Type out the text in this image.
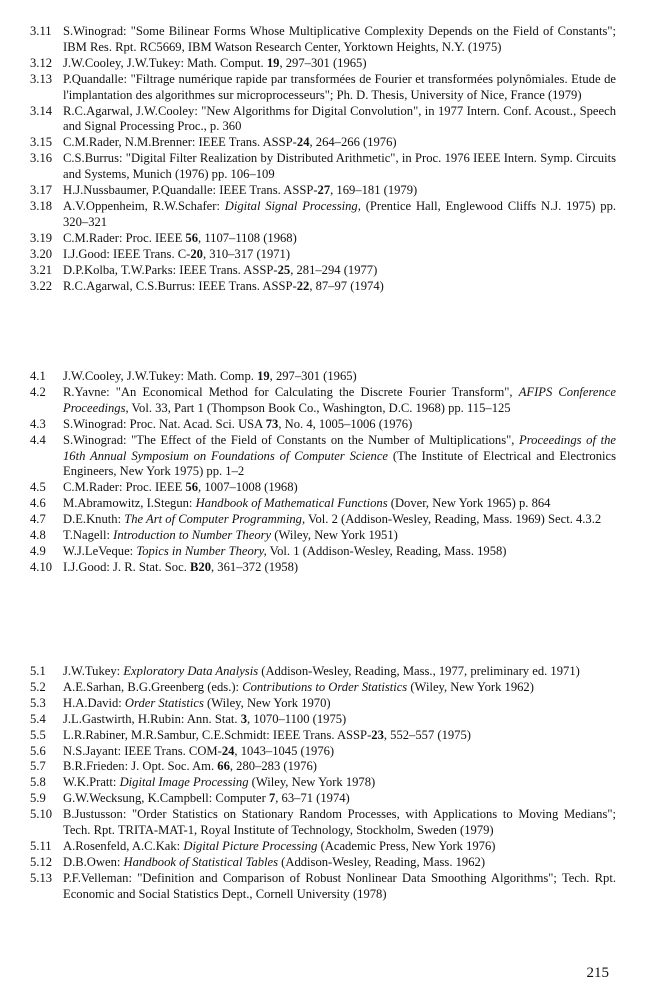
3.11 S.Winograd: "Some Bilinear Forms Whose Multiplicative Complexity Depends on the Field of Constants"; IBM Res. Rpt. RC5669, IBM Watson Research Center, Yorktown Heights, N.Y. (1975)
3.12 J.W.Cooley, J.W.Tukey: Math. Comput. 19, 297–301 (1965)
3.13 P.Quandalle: "Filtrage numérique rapide par transformées de Fourier et transformées polynômiales. Etude de l'implantation des algorithmes sur microprocesseurs"; Ph. D. Thesis, University of Nice, France (1979)
3.14 R.C.Agarwal, J.W.Cooley: "New Algorithms for Digital Convolution", in 1977 Intern. Conf. Acoust., Speech and Signal Processing Proc., p. 360
3.15 C.M.Rader, N.M.Brenner: IEEE Trans. ASSP-24, 264–266 (1976)
3.16 C.S.Burrus: "Digital Filter Realization by Distributed Arithmetic", in Proc. 1976 IEEE Intern. Symp. Circuits and Systems, Munich (1976) pp. 106–109
3.17 H.J.Nussbaumer, P.Quandalle: IEEE Trans. ASSP-27, 169–181 (1979)
3.18 A.V.Oppenheim, R.W.Schafer: Digital Signal Processing, (Prentice Hall, Englewood Cliffs N.J. 1975) pp. 320–321
3.19 C.M.Rader: Proc. IEEE 56, 1107–1108 (1968)
3.20 I.J.Good: IEEE Trans. C-20, 310–317 (1971)
3.21 D.P.Kolba, T.W.Parks: IEEE Trans. ASSP-25, 281–294 (1977)
3.22 R.C.Agarwal, C.S.Burrus: IEEE Trans. ASSP-22, 87–97 (1974)
4.1	J.W.Cooley, J.W.Tukey: Math. Comp. 19, 297–301 (1965)
4.2	R.Yavne: "An Economical Method for Calculating the Discrete Fourier Transform", AFIPS Conference Proceedings, Vol. 33, Part 1 (Thompson Book Co., Washington, D.C. 1968) pp. 115–125
4.3	S.Winograd: Proc. Nat. Acad. Sci. USA 73, No. 4, 1005–1006 (1976)
4.4	S.Winograd: "The Effect of the Field of Constants on the Number of Multiplications", Proceedings of the 16th Annual Symposium on Foundations of Computer Science (The Institute of Electrical and Electronics Engineers, New York 1975) pp. 1–2
4.5	C.M.Rader: Proc. IEEE 56, 1007–1008 (1968)
4.6	M.Abramowitz, I.Stegun: Handbook of Mathematical Functions (Dover, New York 1965) p. 864
4.7	D.E.Knuth: The Art of Computer Programming, Vol. 2 (Addison-Wesley, Reading, Mass. 1969) Sect. 4.3.2
4.8	T.Nagell: Introduction to Number Theory (Wiley, New York 1951)
4.9	W.J.LeVeque: Topics in Number Theory, Vol. 1 (Addison-Wesley, Reading, Mass. 1958)
4.10 I.J.Good: J. R. Stat. Soc. B20, 361–372 (1958)
5.1	J.W.Tukey: Exploratory Data Analysis (Addison-Wesley, Reading, Mass., 1977, preliminary ed. 1971)
5.2	A.E.Sarhan, B.G.Greenberg (eds.): Contributions to Order Statistics (Wiley, New York 1962)
5.3	H.A.David: Order Statistics (Wiley, New York 1970)
5.4	J.L.Gastwirth, H.Rubin: Ann. Stat. 3, 1070–1100 (1975)
5.5	L.R.Rabiner, M.R.Sambur, C.E.Schmidt: IEEE Trans. ASSP-23, 552–557 (1975)
5.6	N.S.Jayant: IEEE Trans. COM-24, 1043–1045 (1976)
5.7	B.R.Frieden: J. Opt. Soc. Am. 66, 280–283 (1976)
5.8	W.K.Pratt: Digital Image Processing (Wiley, New York 1978)
5.9	G.W.Wecksung, K.Campbell: Computer 7, 63–71 (1974)
5.10 B.Justusson: "Order Statistics on Stationary Random Processes, with Applications to Moving Medians"; Tech. Rpt. TRITA-MAT-1, Royal Institute of Technology, Stockholm, Sweden (1979)
5.11 A.Rosenfeld, A.C.Kak: Digital Picture Processing (Academic Press, New York 1976)
5.12 D.B.Owen: Handbook of Statistical Tables (Addison-Wesley, Reading, Mass. 1962)
5.13 P.F.Velleman: "Definition and Comparison of Robust Nonlinear Data Smoothing Algorithms"; Tech. Rpt. Economic and Social Statistics Dept., Cornell University (1978)
215
